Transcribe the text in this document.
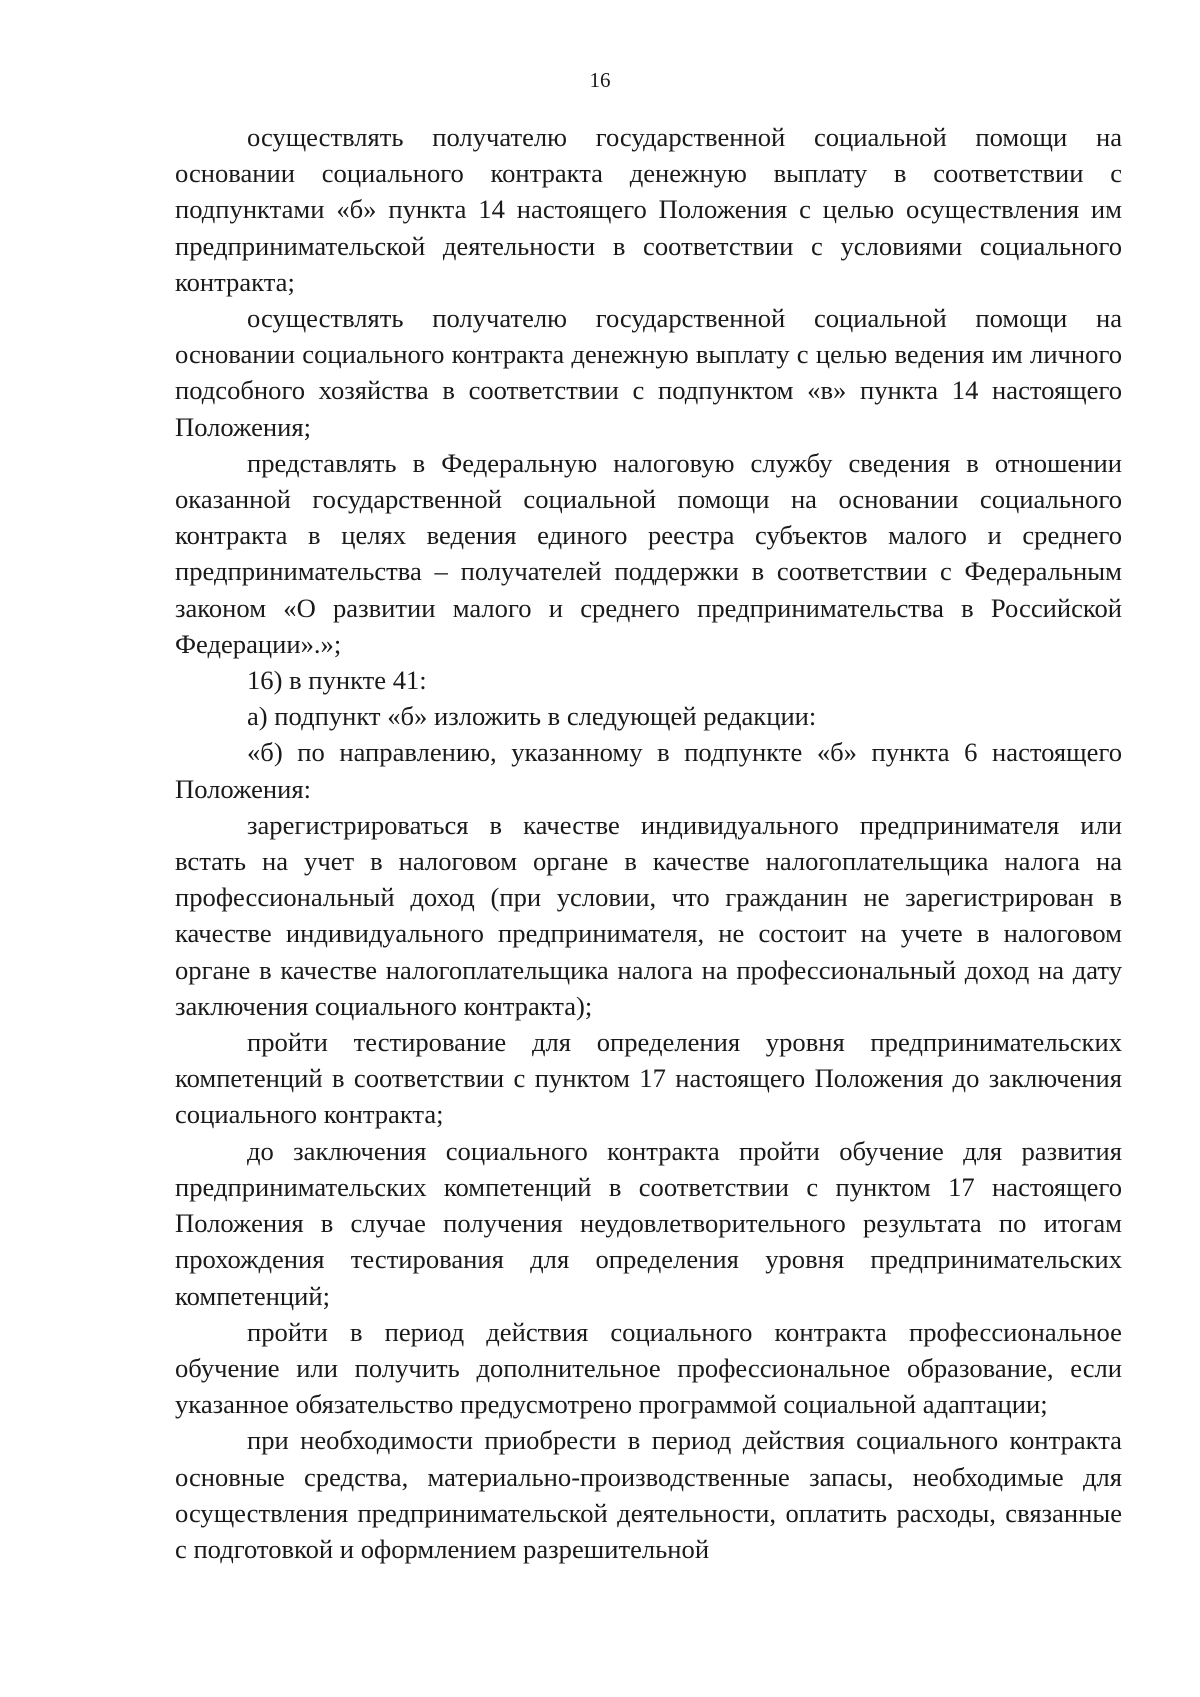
16

осуществлять получателю государственной социальной помощи на основании социального контракта денежную выплату в соответствии с подпунктами «б» пункта 14 настоящего Положения с целью осуществления им предпринимательской деятельности в соответствии с условиями социального контракта;

осуществлять получателю государственной социальной помощи на основании социального контракта денежную выплату с целью ведения им личного подсобного хозяйства в соответствии с подпунктом «в» пункта 14 настоящего Положения;

представлять в Федеральную налоговую службу сведения в отношении оказанной государственной социальной помощи на основании социального контракта в целях ведения единого реестра субъектов малого и среднего предпринимательства – получателей поддержки в соответствии с Федеральным законом «О развитии малого и среднего предпринимательства в Российской Федерации».»;

16) в пункте 41:

а) подпункт «б» изложить в следующей редакции:

«б) по направлению, указанному в подпункте «б» пункта 6 настоящего Положения:

зарегистрироваться в качестве индивидуального предпринимателя или встать на учет в налоговом органе в качестве налогоплательщика налога на профессиональный доход (при условии, что гражданин не зарегистрирован в качестве индивидуального предпринимателя, не состоит на учете в налоговом органе в качестве налогоплательщика налога на профессиональный доход на дату заключения социального контракта);

пройти тестирование для определения уровня предпринимательских компетенций в соответствии с пунктом 17 настоящего Положения до заключения социального контракта;

до заключения социального контракта пройти обучение для развития предпринимательских компетенций в соответствии с пунктом 17 настоящего Положения в случае получения неудовлетворительного результата по итогам прохождения тестирования для определения уровня предпринимательских компетенций;

пройти в период действия социального контракта профессиональное обучение или получить дополнительное профессиональное образование, если указанное обязательство предусмотрено программой социальной адаптации;

при необходимости приобрести в период действия социального контракта основные средства, материально-производственные запасы, необходимые для осуществления предпринимательской деятельности, оплатить расходы, связанные с подготовкой и оформлением разрешительной
